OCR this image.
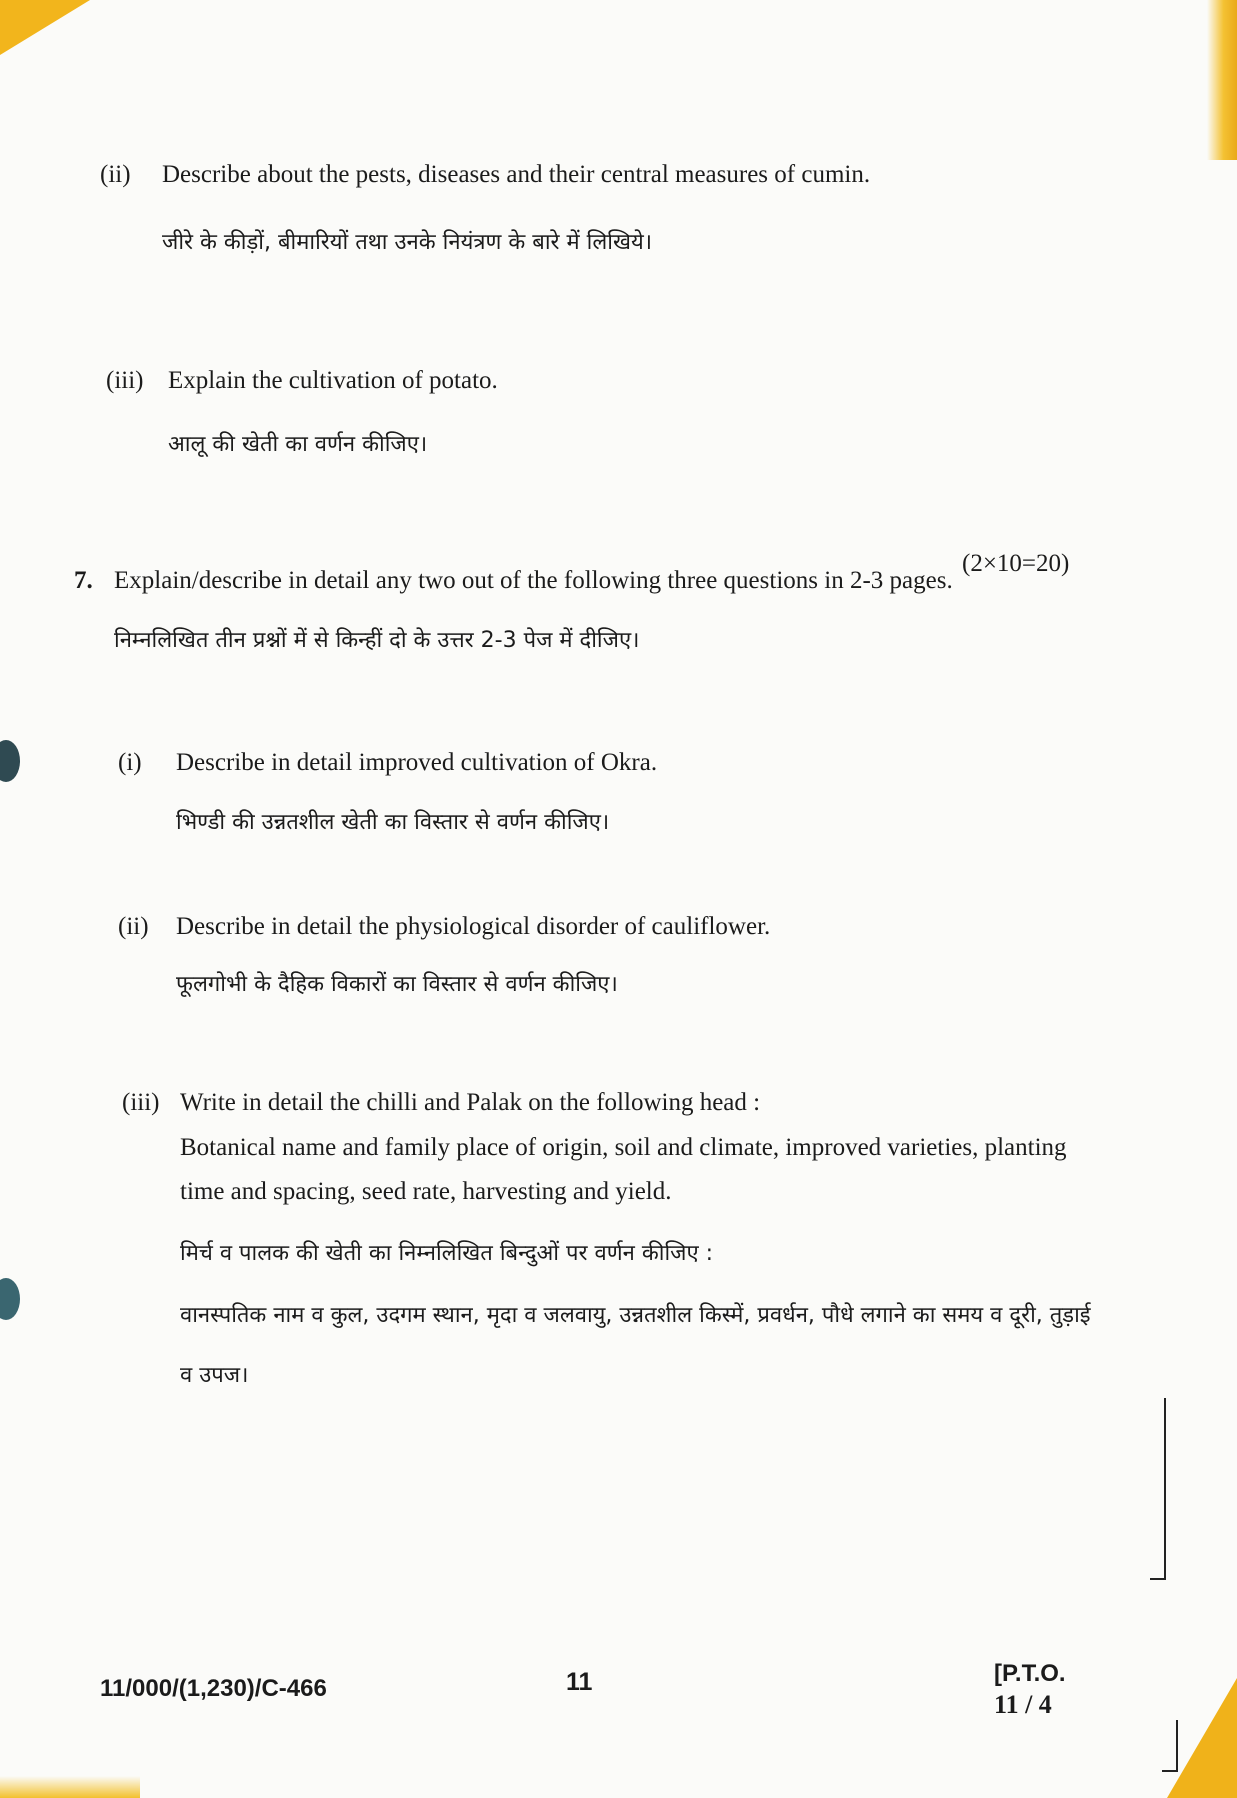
(ii) Describe about the pests, diseases and their central measures of cumin.
जीरे के कीड़ों, बीमारियों तथा उनके नियंत्रण के बारे में लिखिये।
(iii) Explain the cultivation of potato.
आलू की खेती का वर्णन कीजिए।
7. Explain/describe in detail any two out of the following three questions in 2-3 pages.
निम्नलिखित तीन प्रश्नों में से किन्हीं दो के उत्तर 2-3 पेज में दीजिए।
(2×10=20)
(i) Describe in detail improved cultivation of Okra.
भिण्डी की उन्नतशील खेती का विस्तार से वर्णन कीजिए।
(ii) Describe in detail the physiological disorder of cauliflower.
फूलगोभी के दैहिक विकारों का विस्तार से वर्णन कीजिए।
(iii) Write in detail the chilli and Palak on the following head :
Botanical name and family place of origin, soil and climate, improved varieties, planting time and spacing, seed rate, harvesting and yield.
मिर्च व पालक की खेती का निम्नलिखित बिन्दुओं पर वर्णन कीजिए :
वानस्पतिक नाम व कुल, उदगम स्थान, मृदा व जलवायु, उन्नतशील किस्में, प्रवर्धन, पौधे लगाने का समय व दूरी, तुड़ाई व उपज।
11/000/(1,230)/C-466	11	[P.T.O.
11 / 4
